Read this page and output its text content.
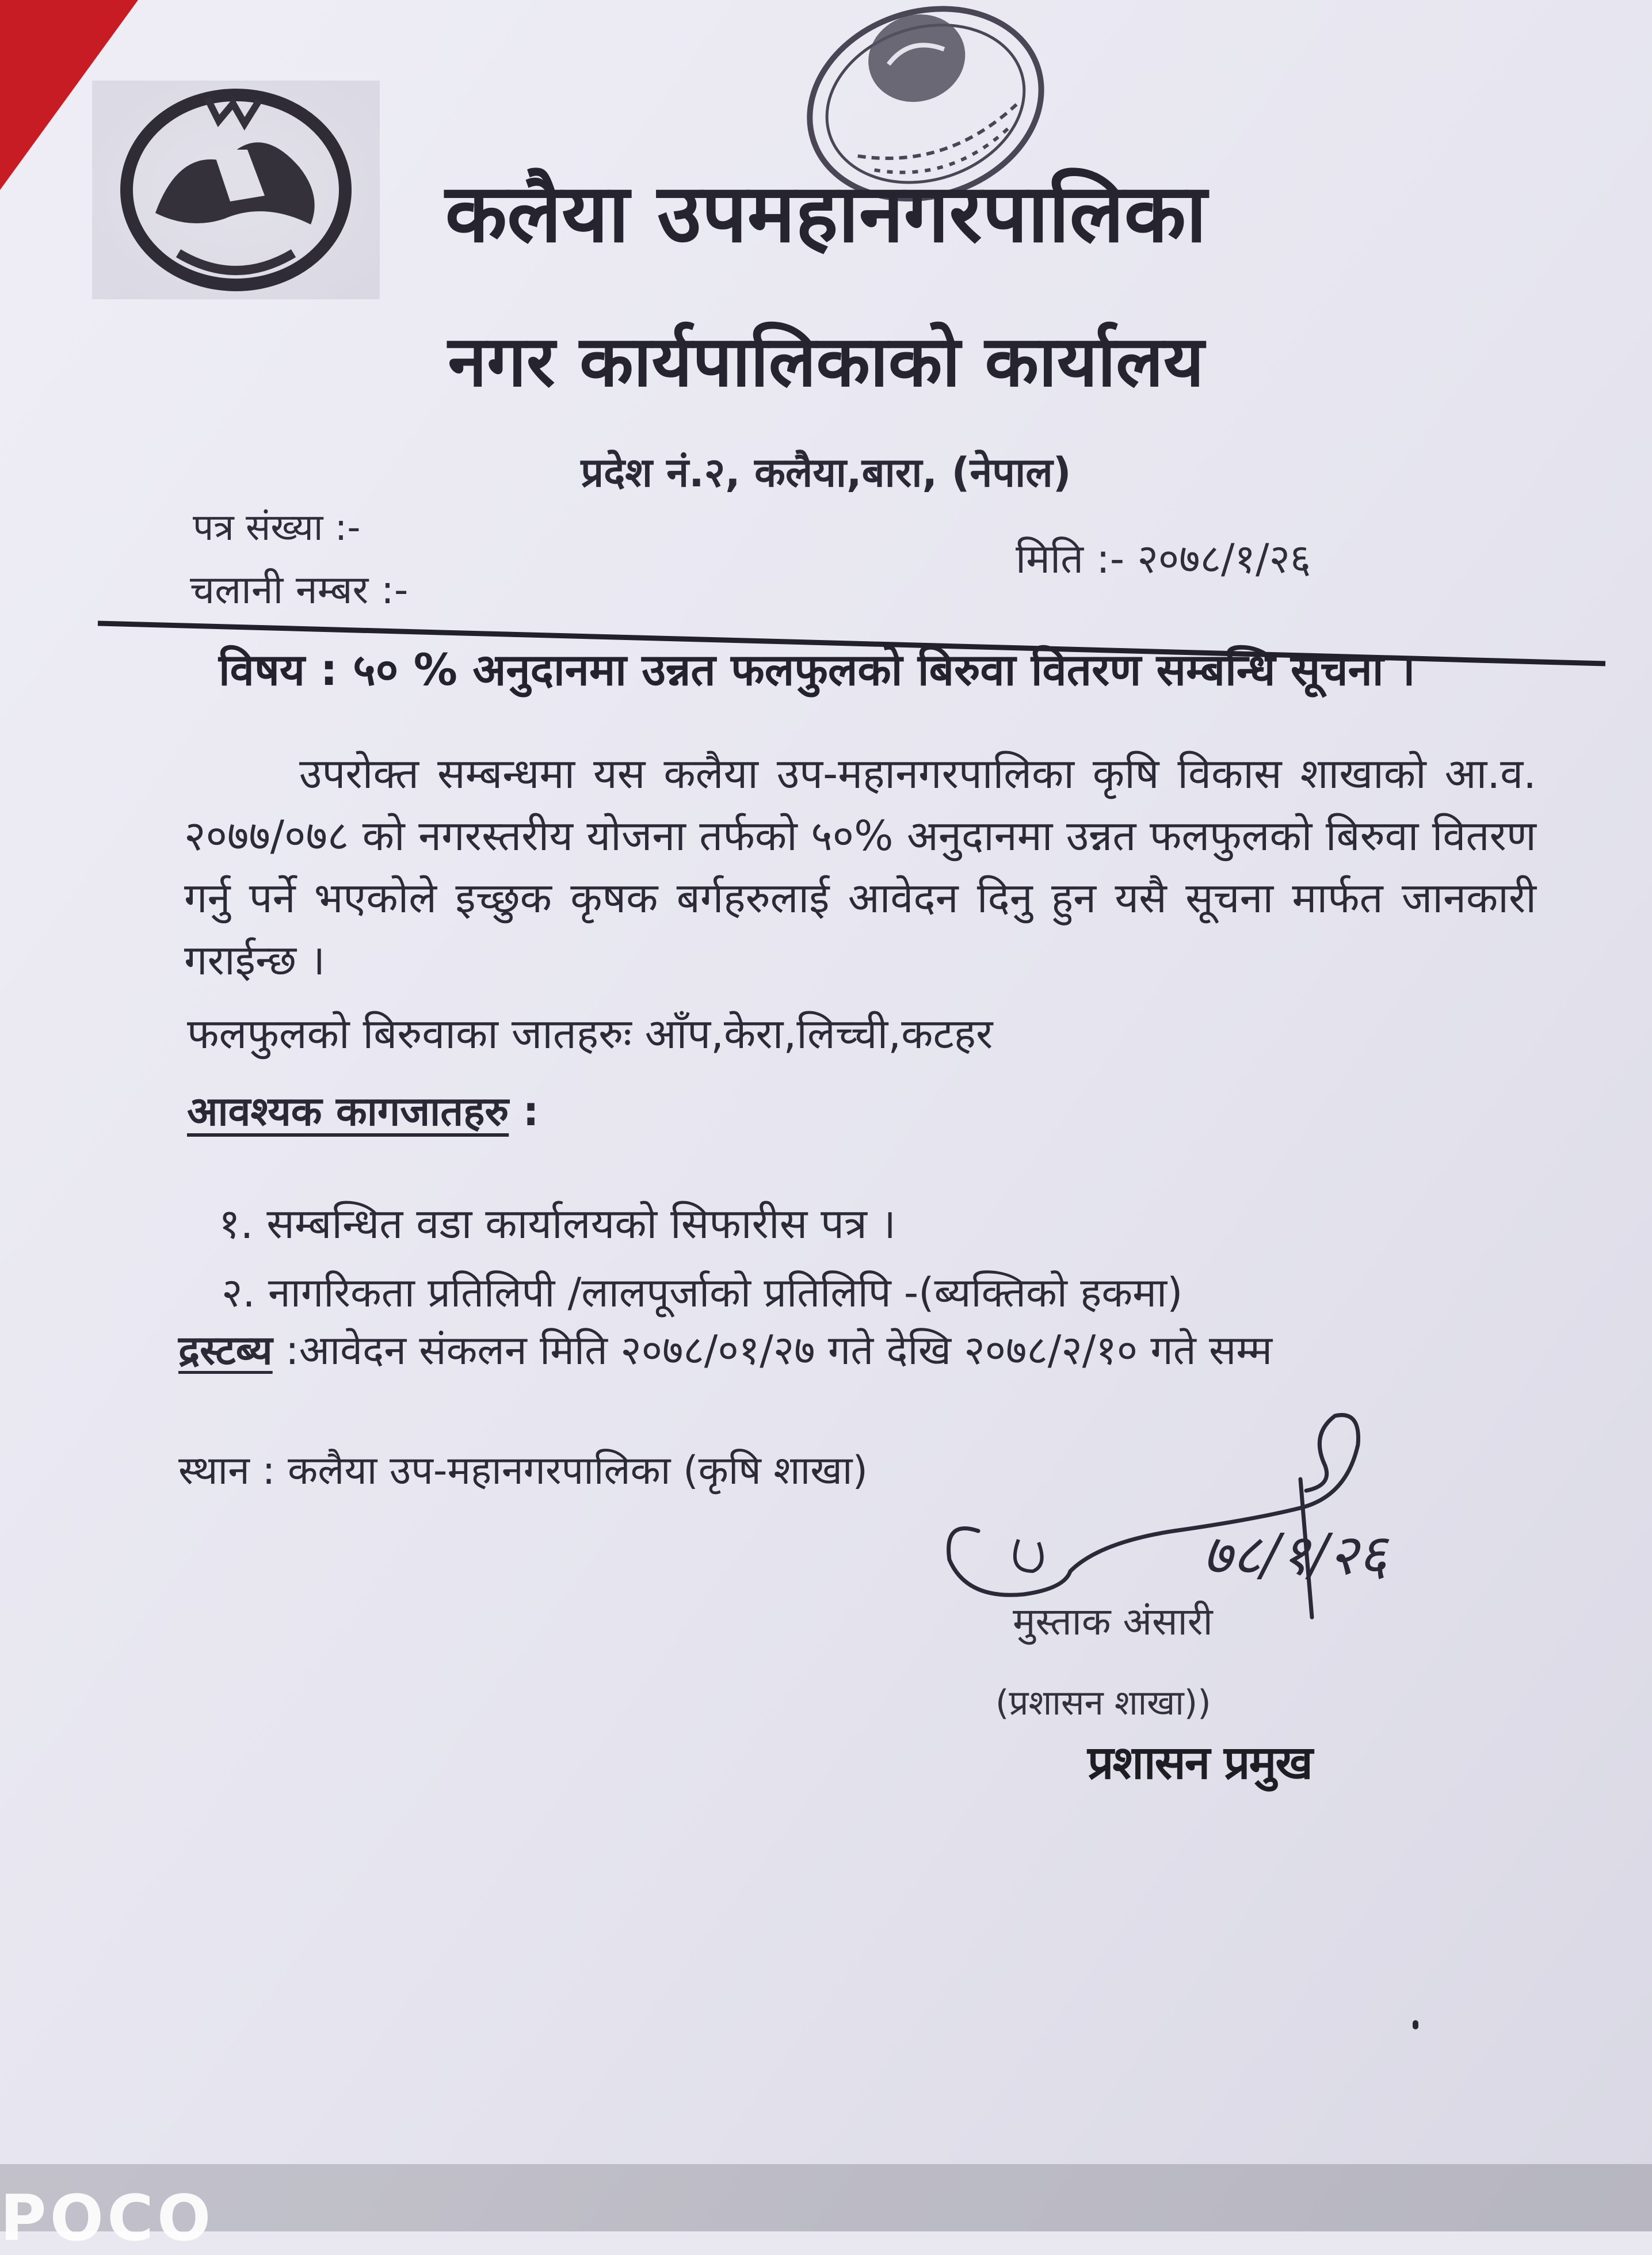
कलैया उपमहानगरपालिका
नगर कार्यपालिकाको कार्यालय
प्रदेश नं.२, कलैया,बारा, (नेपाल)
पत्र संख्या :-
चलानी नम्बर :-
मिति :- २०७८/१/२६
विषय : ५० % अनुदानमा उन्नत फलफुलको बिरुवा वितरण सम्बन्धि सूचना ।
उपरोक्त सम्बन्धमा यस कलैया उप-महानगरपालिका कृषि विकास शाखाको आ.व. २०७७/०७८ को नगरस्तरीय योजना तर्फको ५०% अनुदानमा उन्नत फलफुलको बिरुवा वितरण गर्नु पर्ने भएकोले इच्छुक कृषक बर्गहरुलाई आवेदन दिनु हुन यसै सूचना मार्फत जानकारी गराईन्छ ।
फलफुलको बिरुवाका जातहरुः आँप,केरा,लिच्ची,कटहर
आवश्यक कागजातहरु :
१. सम्बन्धित वडा कार्यालयको सिफारीस पत्र ।
२. नागरिकता प्रतिलिपी /लालपूर्जाको प्रतिलिपि -(ब्यक्तिको हकमा)
द्रस्टब्य :आवेदन संकलन मिति २०७८/०१/२७ गते देखि २०७८/२/१० गते सम्म
स्थान : कलैया उप-महानगरपालिका (कृषि शाखा)
७८/१/२६
मुस्ताक अंसारी
(प्रशासन शाखा))
प्रशासन प्रमुख
POCO
